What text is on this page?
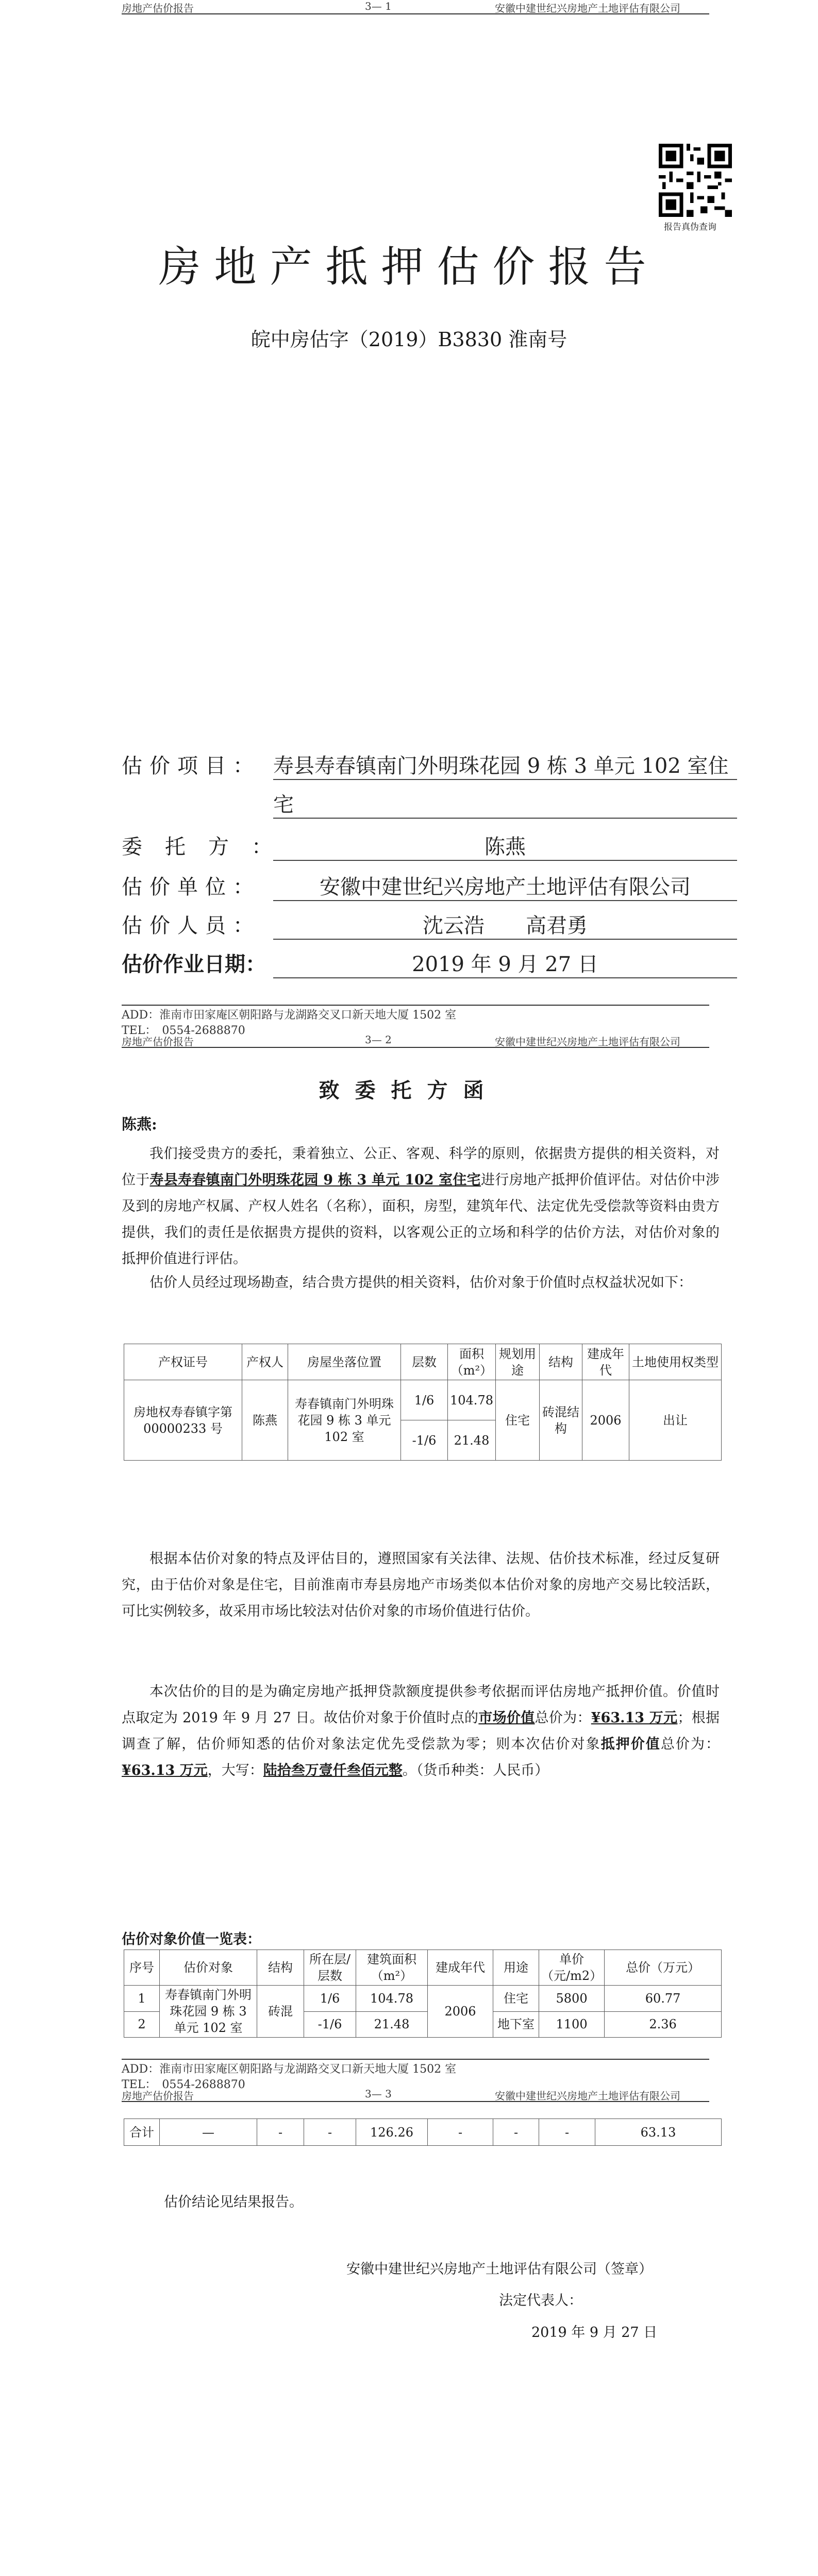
房地产估价报告	3— 1	安徽中建世纪兴房地产土地评估有限公司
报告真伪查询
房地产抵押估价报告
皖中房估字（2019）B3830 淮南号
估价项目： 寿县寿春镇南门外明珠花园 9 栋 3 单元 102 室住
宅
委托方：	陈燕
估价单位：	安徽中建世纪兴房地产土地评估有限公司
估价人员：	沈云浩　　高君勇
估价作业日期：	2019 年 9 月 27 日
ADD：淮南市田家庵区朝阳路与龙湖路交叉口新天地大厦 1502 室
TEL：　0554-2688870
房地产估价报告	3— 2	安徽中建世纪兴房地产土地评估有限公司
致委托方函
陈燕:
我们接受贵方的委托，秉着独立、公正、客观、科学的原则，依据贵方提供的相关资料，对位于寿县寿春镇南门外明珠花园 9 栋 3 单元 102 室住宅进行房地产抵押价值评估。对估价中涉及到的房地产权属、产权人姓名（名称），面积，房型，建筑年代、法定优先受偿款等资料由贵方提供，我们的责任是依据贵方提供的资料，以客观公正的立场和科学的估价方法，对估价对象的抵押价值进行评估。
估价人员经过现场勘查，结合贵方提供的相关资料，估价对象于价值时点权益状况如下：
产权证号	产权人	房屋坐落位置	层数	面积（m²）	规划用途	结构	建成年代	土地使用权类型
房地权寿春镇字第 00000233 号	陈燕	寿春镇南门外明珠花园 9 栋 3 单元 102 室	1/6	104.78	住宅	砖混结构	2006	出让
			-1/6	21.48				
根据本估价对象的特点及评估目的，遵照国家有关法律、法规、估价技术标准，经过反复研究，由于估价对象是住宅，目前淮南市寿县房地产市场类似本估价对象的房地产交易比较活跃，可比实例较多，故采用市场比较法对估价对象的市场价值进行估价。
本次估价的目的是为确定房地产抵押贷款额度提供参考依据而评估房地产抵押价值。价值时点取定为 2019 年 9 月 27 日。故估价对象于价值时点的市场价值总价为：¥63.13 万元；根据调查了解，估价师知悉的估价对象法定优先受偿款为零；则本次估价对象抵押价值总价为：¥63.13 万元，大写：陆拾叁万壹仟叁佰元整。（货币种类：人民币）
估价对象价值一览表：
序号	估价对象	结构	所在层/层数	建筑面积（m²）	建成年代	用途	单价（元/m2）	总价（万元）
1	寿春镇南门外明珠花园 9 栋 3 单元 102 室	砖混	1/6	104.78	2006	住宅	5800	60.77
2			-1/6	21.48		地下室	1100	2.36
ADD：淮南市田家庵区朝阳路与龙湖路交叉口新天地大厦 1502 室
TEL：　0554-2688870
房地产估价报告	3— 3	安徽中建世纪兴房地产土地评估有限公司
合计	—	-	-	126.26	-	-	-	63.13
估价结论见结果报告。
安徽中建世纪兴房地产土地评估有限公司（签章）
法定代表人：
2019 年 9 月 27 日
